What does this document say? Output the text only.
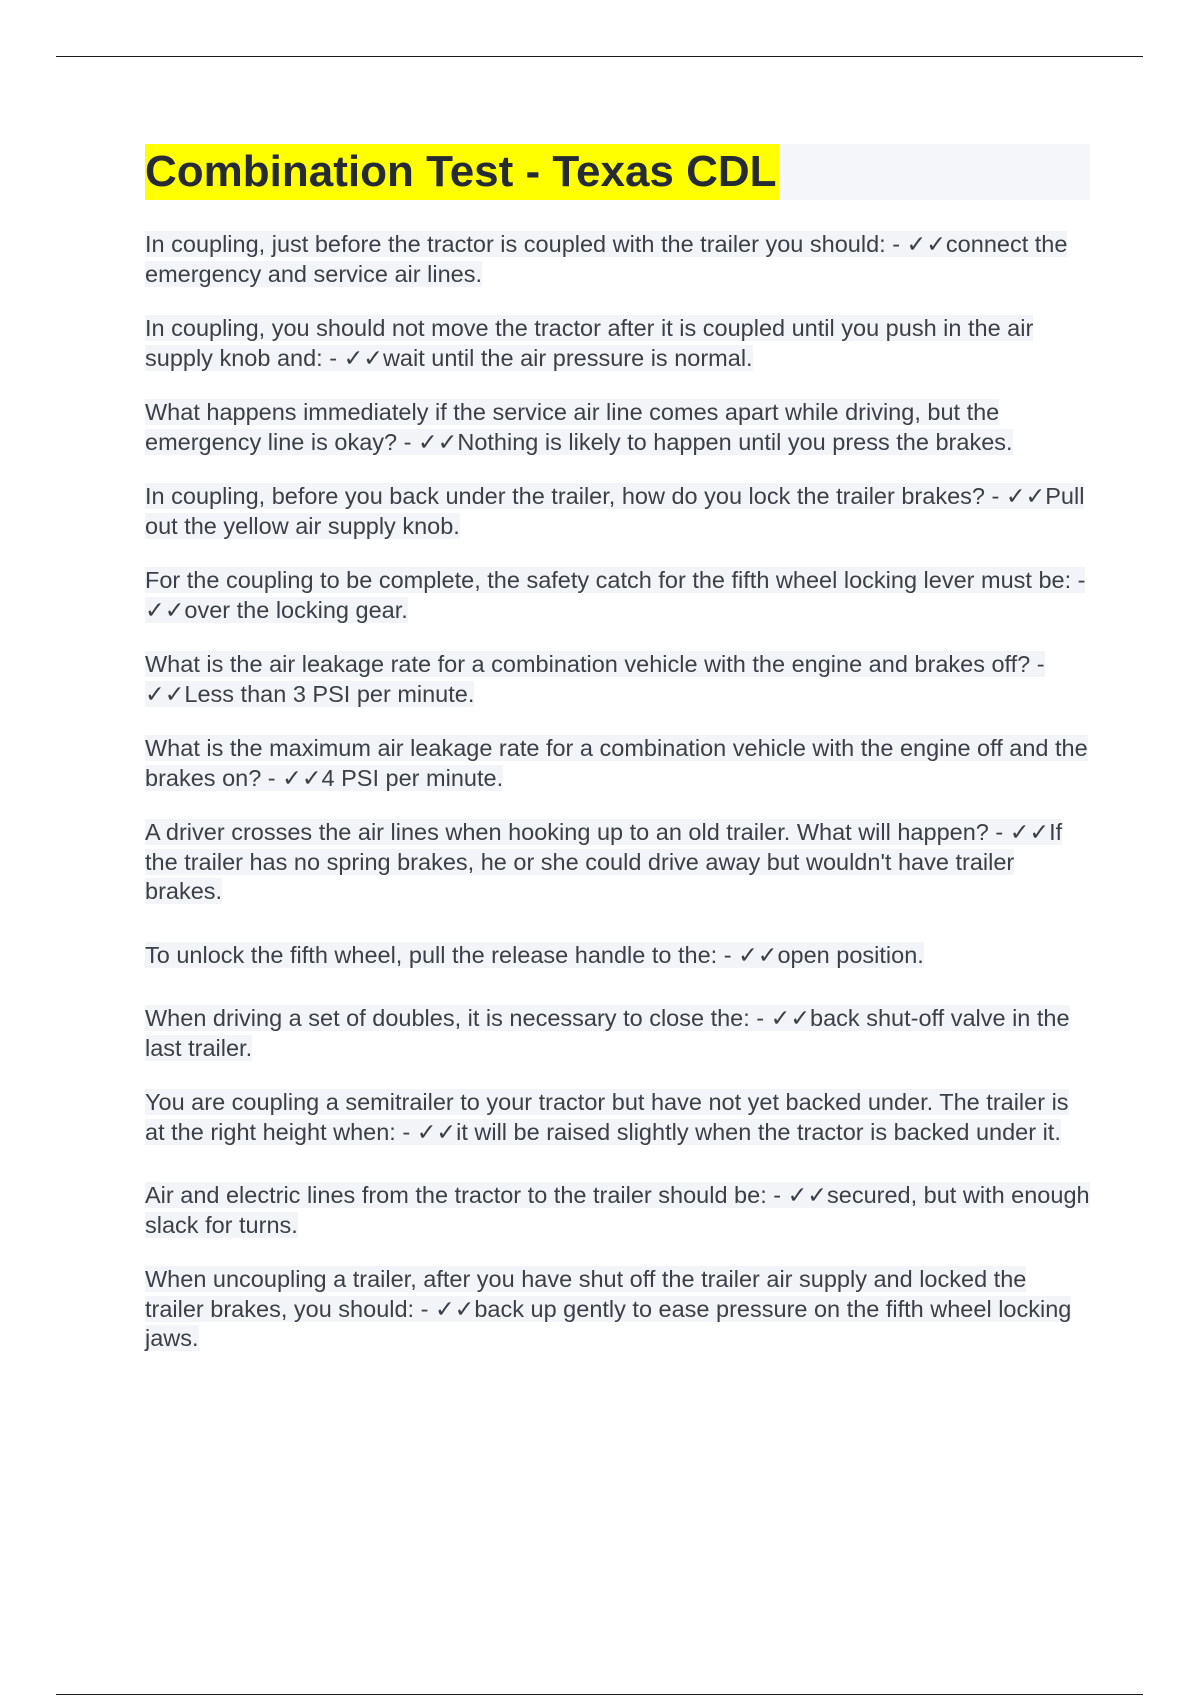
Combination Test - Texas CDL

In coupling, just before the tractor is coupled with the trailer you should: - ✓✓connect the emergency and service air lines.

In coupling, you should not move the tractor after it is coupled until you push in the air supply knob and: - ✓✓wait until the air pressure is normal.

What happens immediately if the service air line comes apart while driving, but the emergency line is okay? - ✓✓Nothing is likely to happen until you press the brakes.

In coupling, before you back under the trailer, how do you lock the trailer brakes? - ✓✓Pull out the yellow air supply knob.

For the coupling to be complete, the safety catch for the fifth wheel locking lever must be: - ✓✓over the locking gear.

What is the air leakage rate for a combination vehicle with the engine and brakes off? - ✓✓Less than 3 PSI per minute.

What is the maximum air leakage rate for a combination vehicle with the engine off and the brakes on? - ✓✓4 PSI per minute.

A driver crosses the air lines when hooking up to an old trailer. What will happen? - ✓✓If the trailer has no spring brakes, he or she could drive away but wouldn't have trailer brakes.

To unlock the fifth wheel, pull the release handle to the: - ✓✓open position.

When driving a set of doubles, it is necessary to close the: - ✓✓back shut-off valve in the last trailer.

You are coupling a semitrailer to your tractor but have not yet backed under. The trailer is at the right height when: - ✓✓it will be raised slightly when the tractor is backed under it.

Air and electric lines from the tractor to the trailer should be: - ✓✓secured, but with enough slack for turns.

When uncoupling a trailer, after you have shut off the trailer air supply and locked the trailer brakes, you should: - ✓✓back up gently to ease pressure on the fifth wheel locking jaws.
